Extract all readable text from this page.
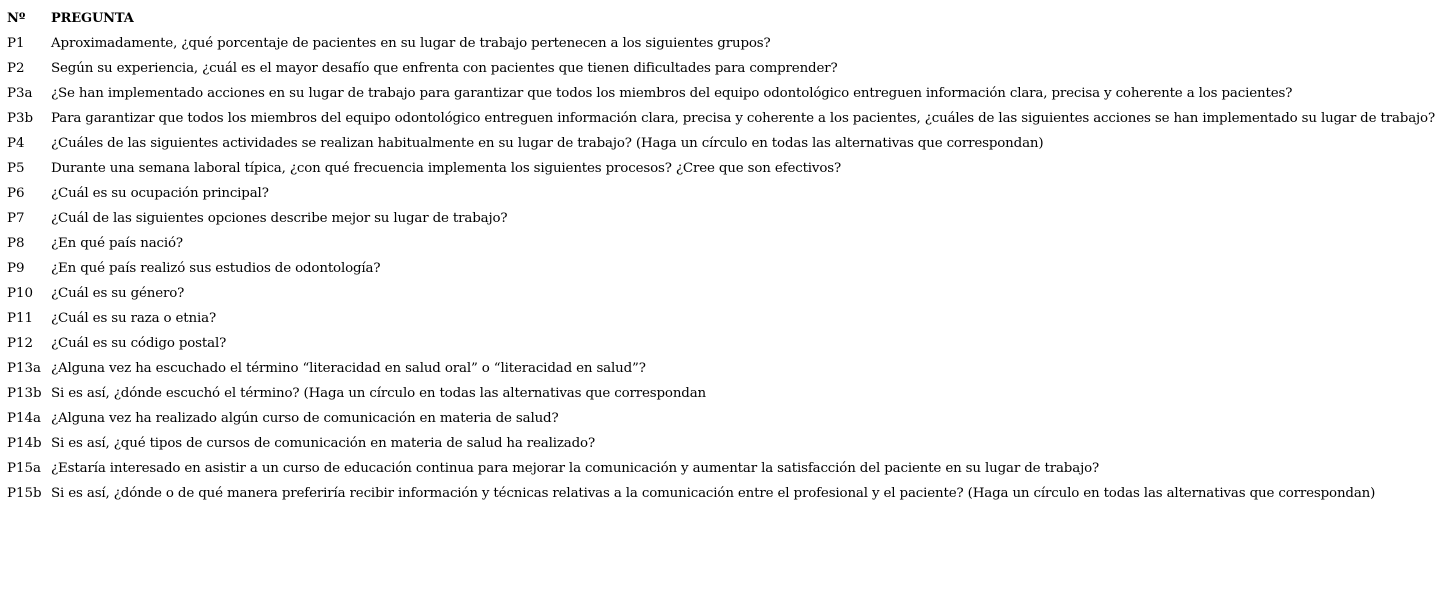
Nº	PREGUNTA
P1	Aproximadamente, ¿qué porcentaje de pacientes en su lugar de trabajo pertenecen a los siguientes grupos?
P2	Según su experiencia, ¿cuál es el mayor desafío que enfrenta con pacientes que tienen dificultades para comprender?
P3a	¿Se han implementado acciones en su lugar de trabajo para garantizar que todos los miembros del equipo odontológico entreguen información clara, precisa y coherente a los pacientes?
P3b	Para garantizar que todos los miembros del equipo odontológico entreguen información clara, precisa y coherente a los pacientes, ¿cuáles de las siguientes acciones se han implementado su lugar de trabajo?
P4	¿Cuáles de las siguientes actividades se realizan habitualmente en su lugar de trabajo? (Haga un círculo en todas las alternativas que correspondan)
P5	Durante una semana laboral típica, ¿con qué frecuencia implementa los siguientes procesos? ¿Cree que son efectivos?
P6	¿Cuál es su ocupación principal?
P7	¿Cuál de las siguientes opciones describe mejor su lugar de trabajo?
P8	¿En qué país nació?
P9	¿En qué país realizó sus estudios de odontología?
P10	¿Cuál es su género?
P11	¿Cuál es su raza o etnia?
P12	¿Cuál es su código postal?
P13a ¿Alguna vez ha escuchado el término “literacidad en salud oral” o “literacidad en salud”?
P13b Si es así, ¿dónde escuchó el término? (Haga un círculo en todas las alternativas que correspondan
P14a ¿Alguna vez ha realizado algún curso de comunicación en materia de salud?
P14b Si es así, ¿qué tipos de cursos de comunicación en materia de salud ha realizado?
P15a ¿Estaría interesado en asistir a un curso de educación continua para mejorar la comunicación y aumentar la satisfacción del paciente en su lugar de trabajo?
P15b Si es así, ¿dónde o de qué manera preferiría recibir información y técnicas relativas a la comunicación entre el profesional y el paciente? (Haga un círculo en todas las alternativas que correspondan)
